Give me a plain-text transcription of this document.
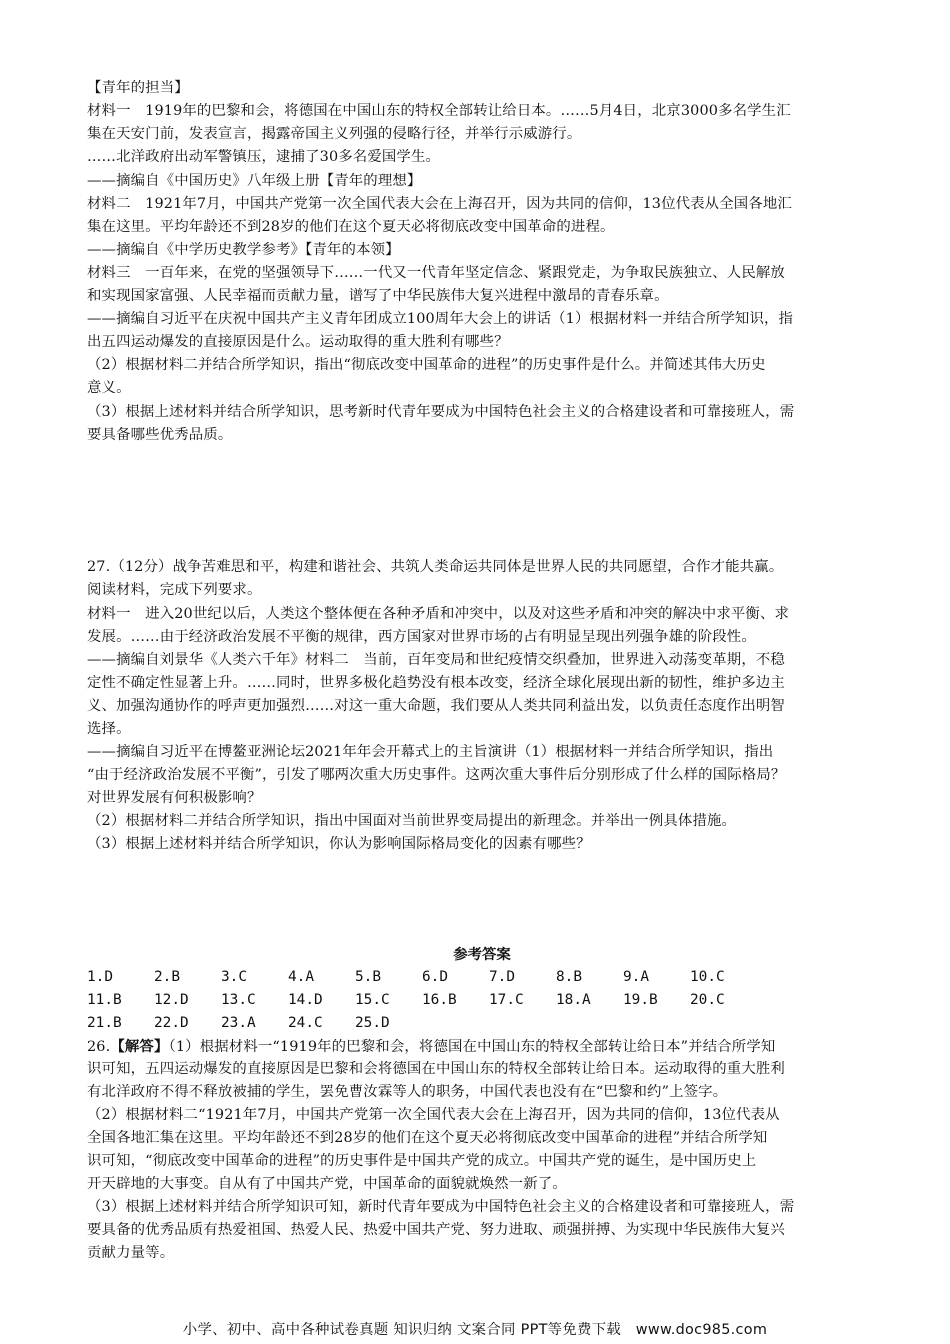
【青年的担当】
材料一　1919年的巴黎和会，将德国在中国山东的特权全部转让给日本。……5月4日，北京3000多名学生汇
集在天安门前，发表宣言，揭露帝国主义列强的侵略行径，并举行示威游行。
……北洋政府出动军警镇压，逮捕了30多名爱国学生。
——摘编自《中国历史》八年级上册【青年的理想】
材料二　1921年7月，中国共产党第一次全国代表大会在上海召开，因为共同的信仰，13位代表从全国各地汇
集在这里。平均年龄还不到28岁的他们在这个夏天必将彻底改变中国革命的进程。
——摘编自《中学历史教学参考》【青年的本领】
材料三　一百年来，在党的坚强领导下……一代又一代青年坚定信念、紧跟党走，为争取民族独立、人民解放
和实现国家富强、人民幸福而贡献力量，谱写了中华民族伟大复兴进程中激昂的青春乐章。
——摘编自习近平在庆祝中国共产主义青年团成立100周年大会上的讲话（1）根据材料一并结合所学知识，指
出五四运动爆发的直接原因是什么。运动取得的重大胜利有哪些？
（2）根据材料二并结合所学知识，指出“彻底改变中国革命的进程”的历史事件是什么。并简述其伟大历史
意义。
（3）根据上述材料并结合所学知识，思考新时代青年要成为中国特色社会主义的合格建设者和可靠接班人，需
要具备哪些优秀品质。
27.（12分）战争苦难思和平，构建和谐社会、共筑人类命运共同体是世界人民的共同愿望，合作才能共赢。
阅读材料，完成下列要求。
材料一　进入20世纪以后，人类这个整体便在各种矛盾和冲突中，以及对这些矛盾和冲突的解决中求平衡、求
发展。……由于经济政治发展不平衡的规律，西方国家对世界市场的占有明显呈现出列强争雄的阶段性。
——摘编自刘景华《人类六千年》材料二　当前，百年变局和世纪疫情交织叠加，世界进入动荡变革期，不稳
定性不确定性显著上升。……同时，世界多极化趋势没有根本改变，经济全球化展现出新的韧性，维护多边主
义、加强沟通协作的呼声更加强烈……对这一重大命题，我们要从人类共同利益出发，以负责任态度作出明智
选择。
——摘编自习近平在博鳌亚洲论坛2021年年会开幕式上的主旨演讲（1）根据材料一并结合所学知识，指出
“由于经济政治发展不平衡”，引发了哪两次重大历史事件。这两次重大事件后分别形成了什么样的国际格局？
对世界发展有何积极影响？
（2）根据材料二并结合所学知识，指出中国面对当前世界变局提出的新理念。并举出一例具体措施。
（3）根据上述材料并结合所学知识，你认为影响国际格局变化的因素有哪些？
参考答案
1.D	2.B	3.C	4.A	5.B	6.D	7.D	8.B	9.A	10.C
11.B 12.D 13.C 14.D 15.C 16.B 17.C 18.A 19.B 20.C
21.B 22.D 23.A 24.C 25.D
26.【解答】（1）根据材料一“1919年的巴黎和会，将德国在中国山东的特权全部转让给日本”并结合所学知
识可知，五四运动爆发的直接原因是巴黎和会将德国在中国山东的特权全部转让给日本。运动取得的重大胜利
有北洋政府不得不释放被捕的学生，罢免曹汝霖等人的职务，中国代表也没有在“巴黎和约”上签字。
（2）根据材料二“1921年7月，中国共产党第一次全国代表大会在上海召开，因为共同的信仰，13位代表从
全国各地汇集在这里。平均年龄还不到28岁的他们在这个夏天必将彻底改变中国革命的进程”并结合所学知
识可知，“彻底改变中国革命的进程”的历史事件是中国共产党的成立。中国共产党的诞生，是中国历史上
开天辟地的大事变。自从有了中国共产党，中国革命的面貌就焕然一新了。
（3）根据上述材料并结合所学知识可知，新时代青年要成为中国特色社会主义的合格建设者和可靠接班人，需
要具备的优秀品质有热爱祖国、热爱人民、热爱中国共产党、努力进取、顽强拼搏、为实现中华民族伟大复兴
贡献力量等。
小学、初中、高中各种试卷真题 知识归纳 文案合同 PPT等免费下载　www.doc985.com
